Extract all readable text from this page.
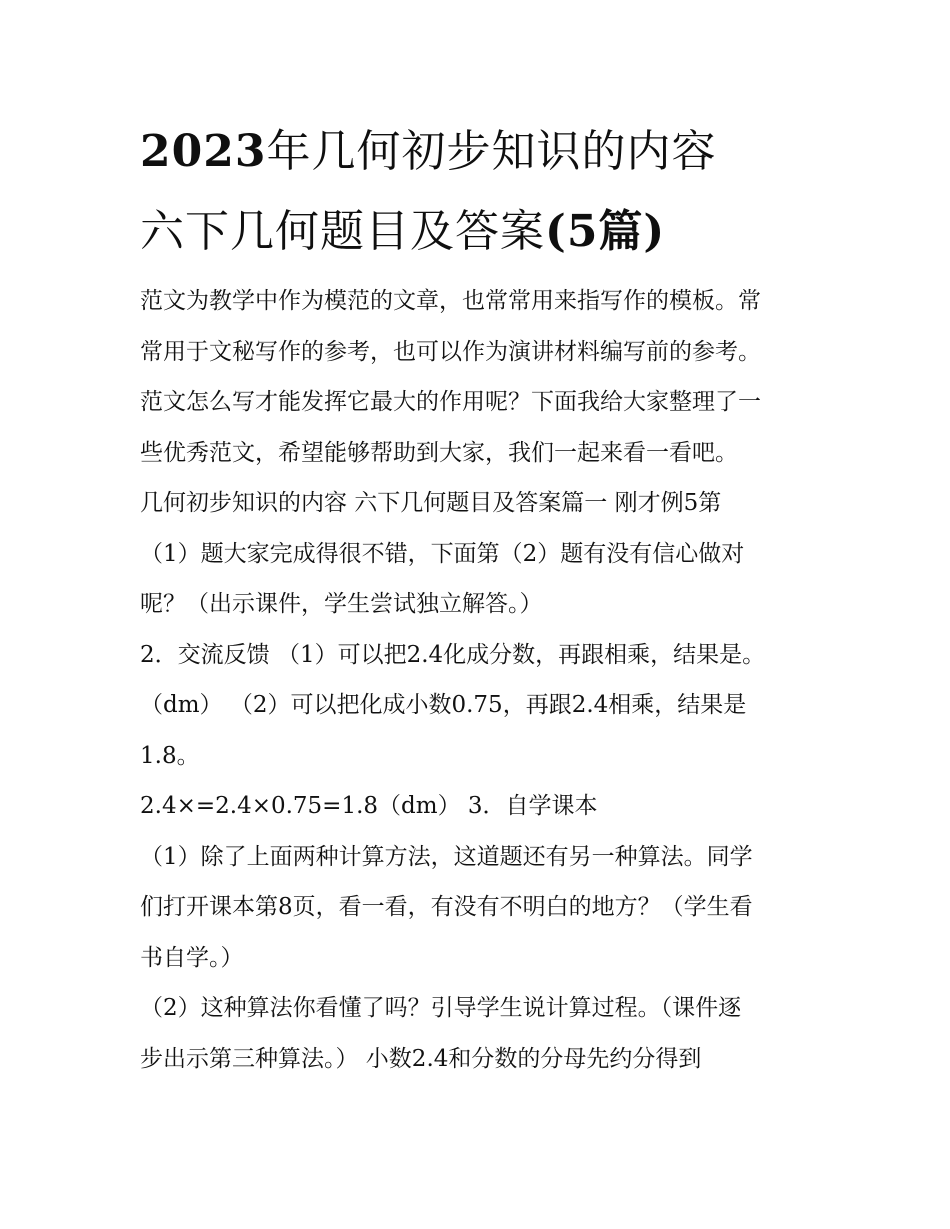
2023年几何初步知识的内容
六下几何题目及答案(5篇)
范文为教学中作为模范的文章，也常常用来指写作的模板。常
常用于文秘写作的参考，也可以作为演讲材料编写前的参考。
范文怎么写才能发挥它最大的作用呢？下面我给大家整理了一
些优秀范文，希望能够帮助到大家，我们一起来看一看吧。
几何初步知识的内容 六下几何题目及答案篇一 刚才例5第
（1）题大家完成得很不错，下面第（2）题有没有信心做对
呢？（出示课件，学生尝试独立解答。）
2．交流反馈 （1）可以把2.4化成分数，再跟相乘，结果是。
（dm） （2）可以把化成小数0.75，再跟2.4相乘，结果是
1.8。
2.4×=2.4×0.75=1.8（dm） 3．自学课本
（1）除了上面两种计算方法，这道题还有另一种算法。同学
们打开课本第8页，看一看，有没有不明白的地方？（学生看
书自学。）
（2）这种算法你看懂了吗？引导学生说计算过程。（课件逐
步出示第三种算法。） 小数2.4和分数的分母先约分得到
